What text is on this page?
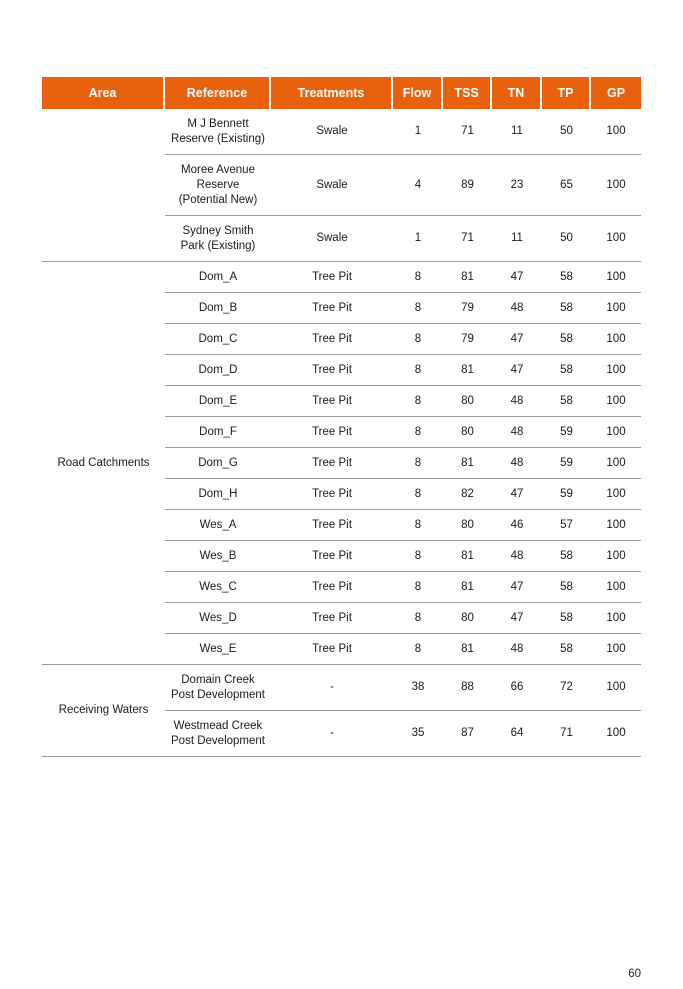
Area	Reference	Treatments	Flow	TSS	TN	TP	GP
	M J Bennett Reserve (Existing)	Swale	1	71	11	50	100
	Moree Avenue Reserve (Potential New)	Swale	4	89	23	65	100
	Sydney Smith Park (Existing)	Swale	1	71	11	50	100
Road Catchments	Dom_A	Tree Pit	8	81	47	58	100
	Dom_B	Tree Pit	8	79	48	58	100
	Dom_C	Tree Pit	8	79	47	58	100
	Dom_D	Tree Pit	8	81	47	58	100
	Dom_E	Tree Pit	8	80	48	58	100
	Dom_F	Tree Pit	8	80	48	59	100
	Dom_G	Tree Pit	8	81	48	59	100
	Dom_H	Tree Pit	8	82	47	59	100
	Wes_A	Tree Pit	8	80	46	57	100
	Wes_B	Tree Pit	8	81	48	58	100
	Wes_C	Tree Pit	8	81	47	58	100
	Wes_D	Tree Pit	8	80	47	58	100
	Wes_E	Tree Pit	8	81	48	58	100
Receiving Waters	Domain Creek Post Development	-	38	88	66	72	100
	Westmead Creek Post Development	-	35	87	64	71	100
60
